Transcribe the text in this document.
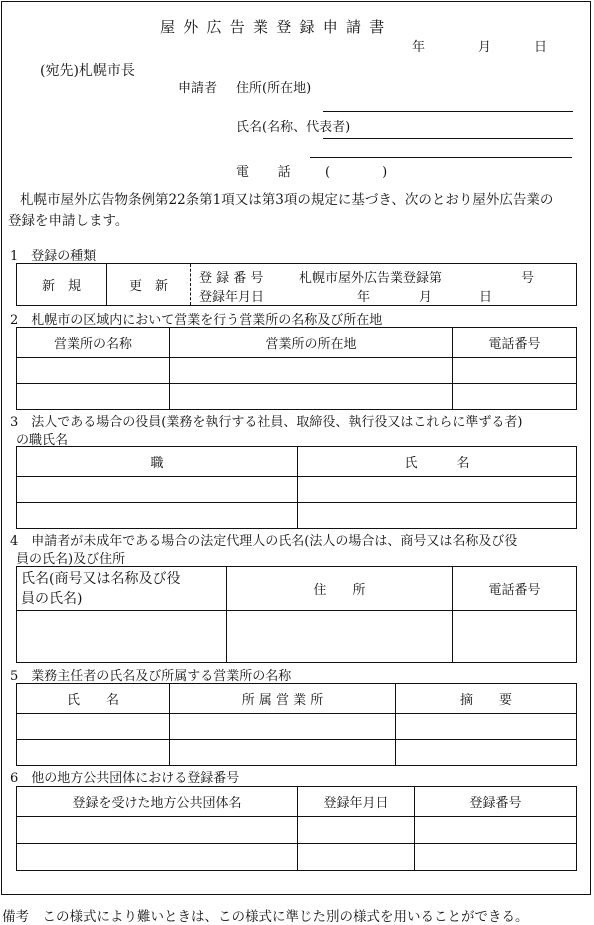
屋外広告業登録申請書
年	月	日
(宛先)札幌市長
申請者 住所(所在地)
氏名(名称、代表者)
電　話 (　　　　)
札幌市屋外広告物条例第22条第1項又は第3項の規定に基づき、次のとおり屋外広告業の
登録を申請します。
1　登録の種類
新　規	更　新	
登 録 番 号	札幌市屋外広告業登録第	号
登録年月日	年	月	日
2　札幌市の区域内において営業を行う営業所の名称及び所在地
営業所の名称	営業所の所在地	電話番号

3　法人である場合の役員(業務を執行する社員、取締役、執行役又はこれらに準ずる者)
の職氏名
職	氏　　　名

4　申請者が未成年である場合の法定代理人の氏名(法人の場合は、商号又は名称及び役
員の氏名)及び住所
氏名(商号又は名称及び役
員の氏名)	住　　所	電話番号

5　業務主任者の氏名及び所属する営業所の名称
氏　　名	所 属 営 業 所	摘　　要

6　他の地方公共団体における登録番号
登録を受けた地方公共団体名	登録年月日	登録番号

備考　この様式により難いときは、この様式に準じた別の様式を用いることができる。
